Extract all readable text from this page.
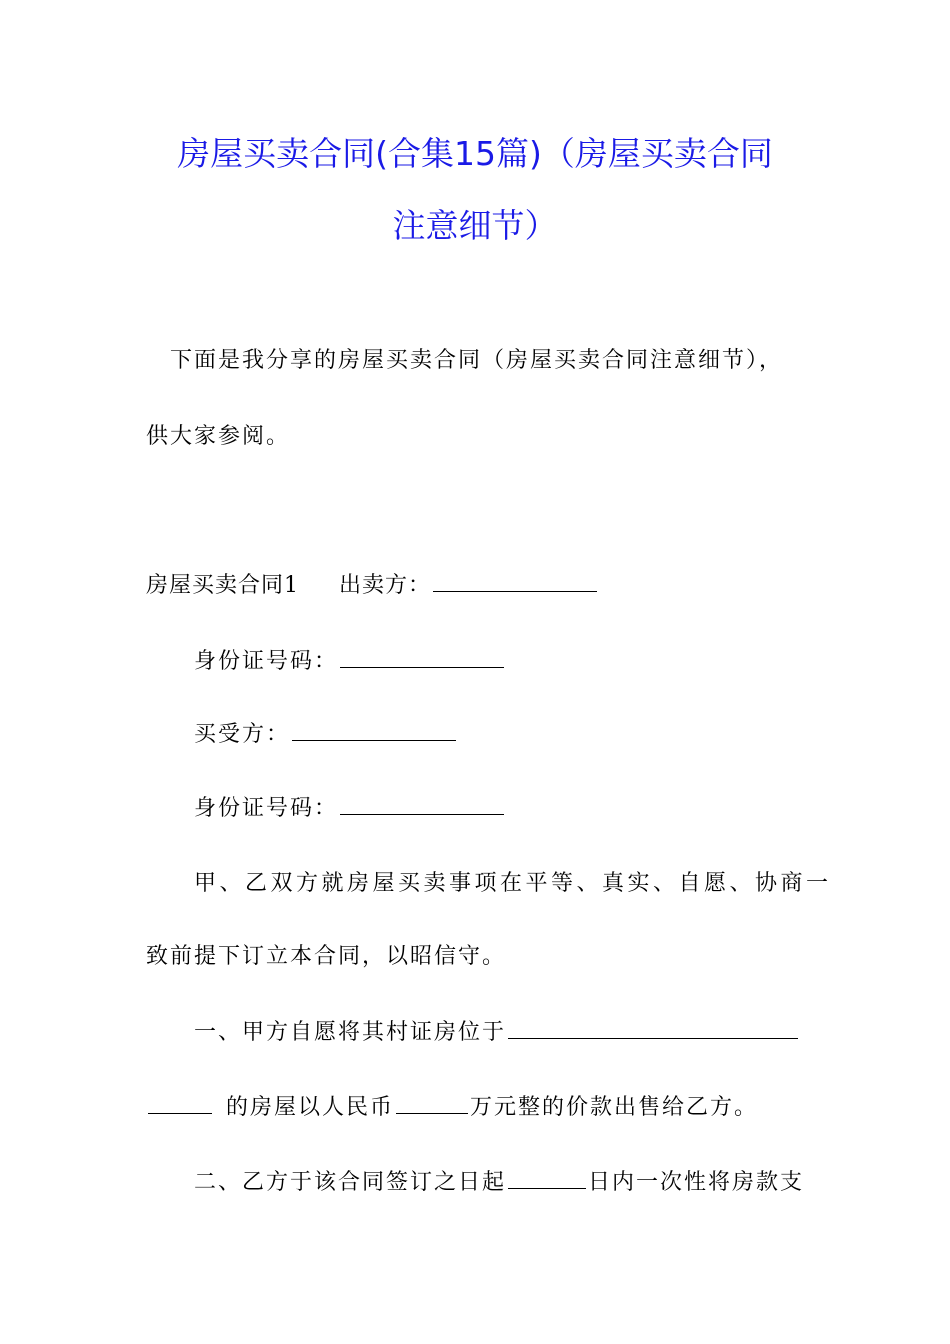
房屋买卖合同(合集15篇)（房屋买卖合同
注意细节）
下面是我分享的房屋买卖合同（房屋买卖合同注意细节），
供大家参阅。
房屋买卖合同1 出卖方：
身份证号码：
买受方：
身份证号码：
甲、乙双方就房屋买卖事项在平等、真实、自愿、协商一
致前提下订立本合同，以昭信守。
一、甲方自愿将其村证房位于
的房屋以人民币	万元整的价款出售给乙方。
二、乙方于该合同签订之日起	日内一次性将房款支
